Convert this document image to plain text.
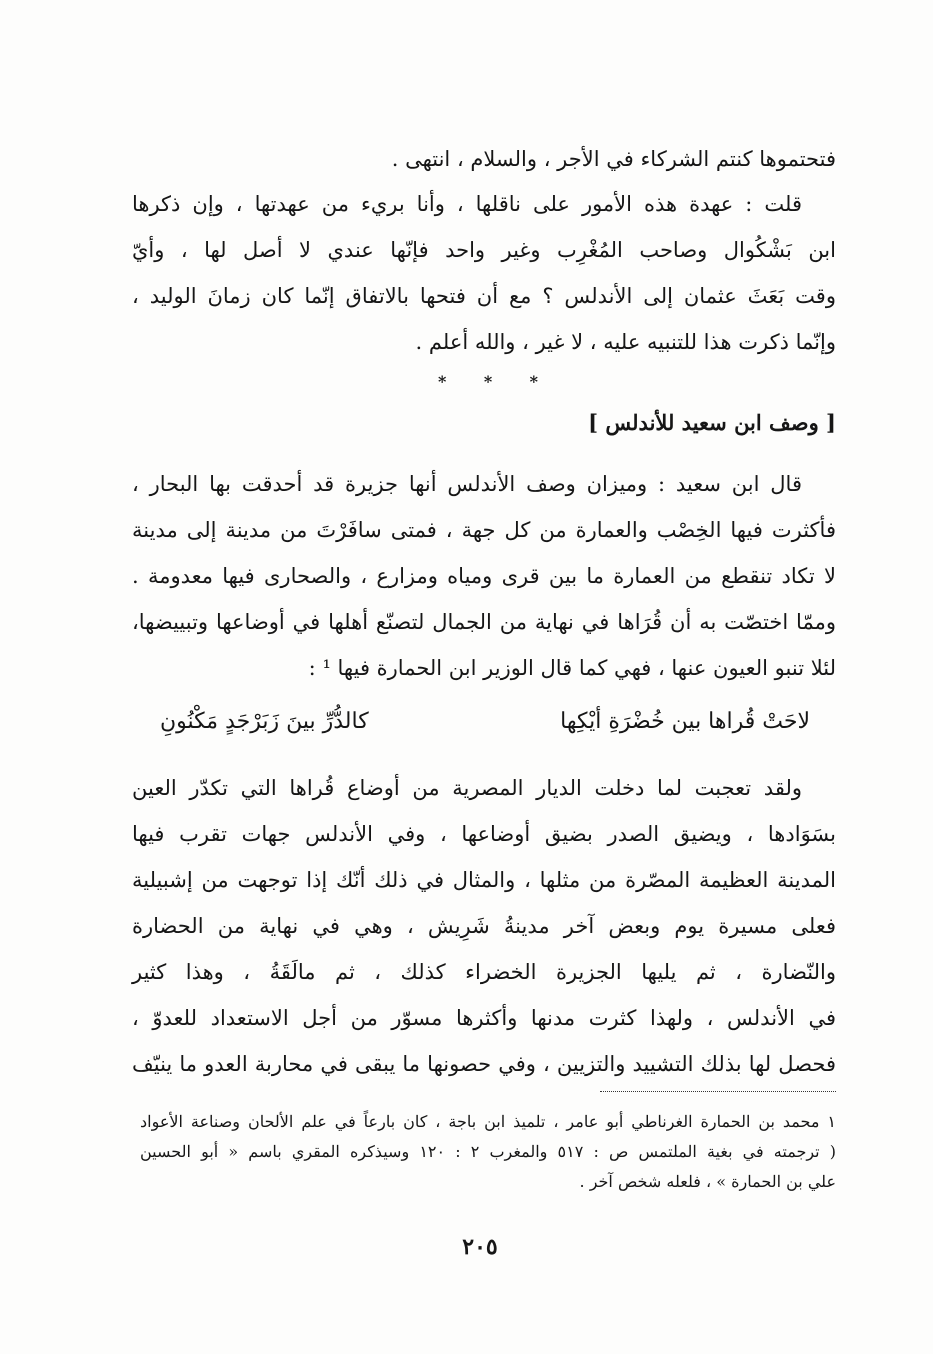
فتحتموها كنتم الشركاء في الأجر ، والسلام ، انتهى .
قلت : عهدة هذه الأمور على ناقلها ، وأنا بريء من عهدتها ، وإن ذكرها
ابن بَشْكُوال وصاحب المُغْرِب وغير واحد فإنّها عندي لا أصل لها ، وأيّ
وقت بَعَثَ عثمان إلى الأندلس ؟ مع أن فتحها بالاتفاق إنّما كان زمانَ الوليد ،
وإنّما ذكرت هذا للتنبيه عليه ، لا غير ، والله أعلم .
*
*
*
[ وصف ابن سعيد للأندلس ]
قال ابن سعيد : وميزان وصف الأندلس أنها جزيرة قد أحدقت بها البحار ،
فأكثرت فيها الخِصْب والعمارة من كل جهة ، فمتى سافَرْتَ من مدينة إلى مدينة
لا تكاد تنقطع من العمارة ما بين قرى ومياه ومزارع ، والصحارى فيها معدومة .
وممّا اختصّت به أن قُرَاها في نهاية من الجمال لتصنّع أهلها في أوضاعها وتبييضها،
لئلا تنبو العيون عنها ، فهي كما قال الوزير ابن الحمارة فيها ¹ :
لاحَتْ قُراها بين خُضْرَةِ أيْكِها
كالدُّرِّ بينَ زَبَرْجَدٍ مَكْنُونِ
ولقد تعجبت لما دخلت الديار المصرية من أوضاع قُراها التي تكدّر العين
بسَوَادها ، ويضيق الصدر بضيق أوضاعها ، وفي الأندلس جهات تقرب فيها
المدينة العظيمة المصّرة من مثلها ، والمثال في ذلك أنّك إذا توجهت من إشبيلية
فعلى مسيرة يوم وبعض آخر مدينةُ شَرِيش ، وهي في نهاية من الحضارة
والنّضارة ، ثم يليها الجزيرة الخضراء كذلك ، ثم مالَقَةُ ، وهذا كثير
في الأندلس ، ولهذا كثرت مدنها وأكثرها مسوّر من أجل الاستعداد للعدوّ ،
فحصل لها بذلك التشييد والتزيين ، وفي حصونها ما يبقى في محاربة العدو ما ينيّف
١ محمد بن الحمارة الغرناطي أبو عامر ، تلميذ ابن باجة ، كان بارعاً في علم الألحان وصناعة الأعواد
( ترجمته في بغية الملتمس ص : ٥١٧ والمغرب ٢ : ١٢٠ وسيذكره المقري باسم « أبو الحسين
علي بن الحمارة » ، فلعله شخص آخر .
٢٠٥
